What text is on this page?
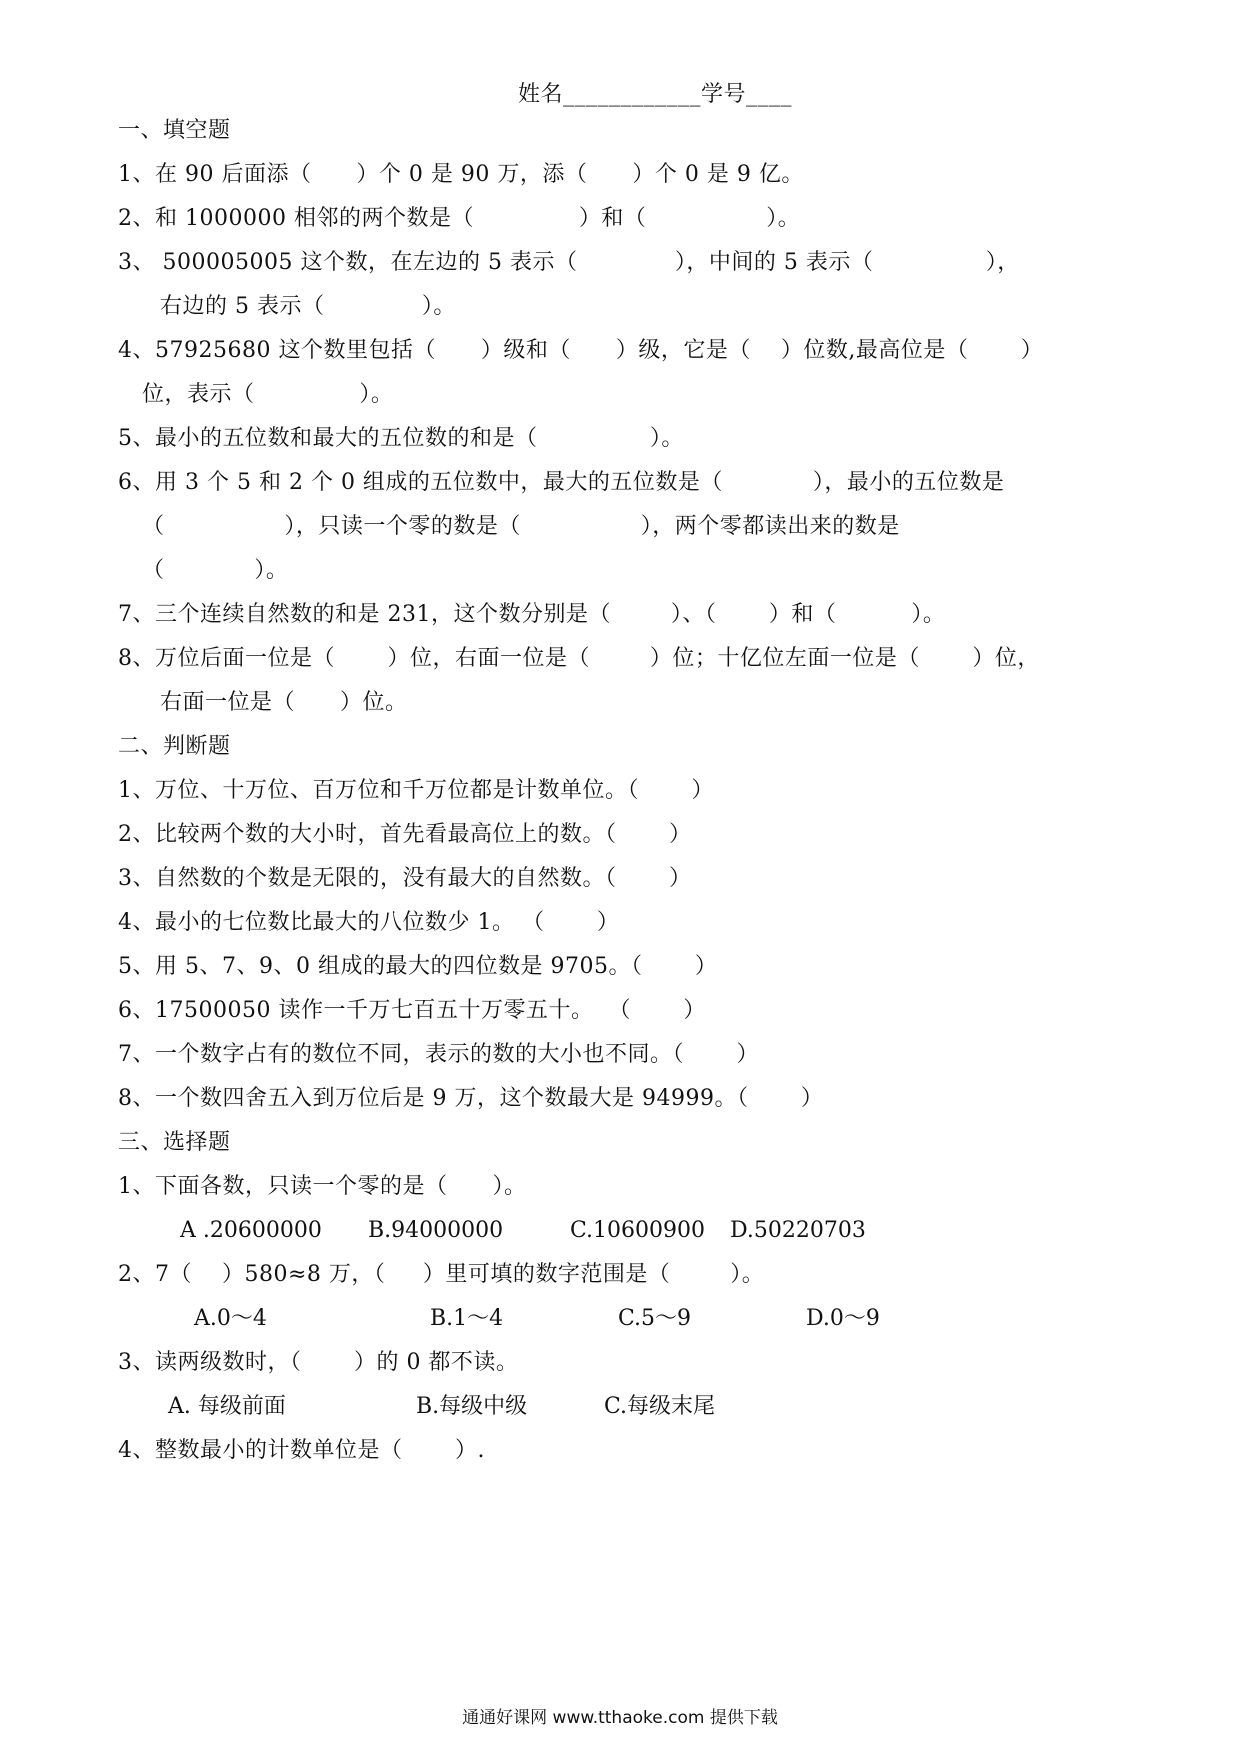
姓名____________学号____
一、填空题
1、在 90 后面添（      ）个 0 是 90 万，添（      ）个 0 是 9 亿。
2、和 1000000 相邻的两个数是（              ）和（                ）。
3、 500005005 这个数，在左边的 5 表示（             ），中间的 5 表示（               ），
右边的 5 表示（             ）。
4、57925680 这个数里包括（      ）级和（      ）级，它是（    ）位数,最高位是（       ）
位，表示（              ）。
5、最小的五位数和最大的五位数的和是（               ）。
6、用 3 个 5 和 2 个 0 组成的五位数中，最大的五位数是（            ），最小的五位数是
（                ），只读一个零的数是（                ），两个零都读出来的数是
（            ）。
7、三个连续自然数的和是 231，这个数分别是（        ）、（       ）和（          ）。
8、万位后面一位是（       ）位，右面一位是（        ）位；十亿位左面一位是（       ）位，
右面一位是（      ）位。
二、判断题
1、万位、十万位、百万位和千万位都是计数单位。（       ）
2、比较两个数的大小时，首先看最高位上的数。（       ）
3、自然数的个数是无限的，没有最大的自然数。（       ）
4、最小的七位数比最大的八位数少 1。 （       ）
5、用 5、7、9、0 组成的最大的四位数是 9705。（       ）
6、17500050 读作一千万七百五十万零五十。  （       ）
7、一个数字占有的数位不同，表示的数的大小也不同。（       ）
8、一个数四舍五入到万位后是 9 万，这个数最大是 94999。（       ）
三、选择题
1、下面各数，只读一个零的是（      ）。
A .20600000 B.94000000	C.10600900 D.50220703
2、7（    ）580≈8 万，（     ）里可填的数字范围是（        ）。
A.0～4	B.1～4	C.5～9	D.0～9
3、读两级数时，（       ）的 0 都不读。
A. 每级前面	B.每级中级	C.每级末尾
4、整数最小的计数单位是（       ）.
通通好课网 www.tthaoke.com 提供下载
